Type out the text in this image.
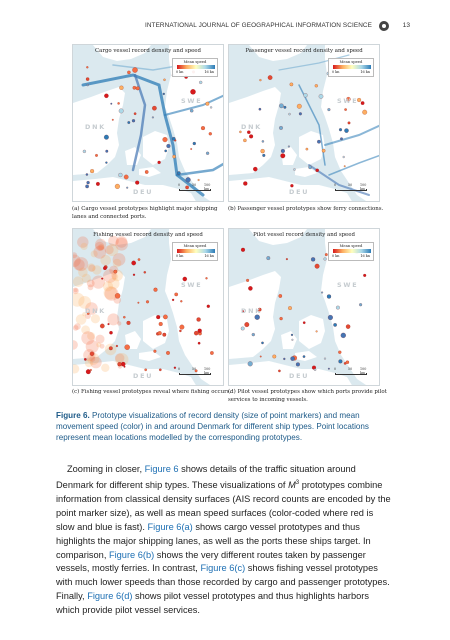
INTERNATIONAL JOURNAL OF GEOGRAPHICAL INFORMATION SCIENCE	13
Cargo vessel record density and speed
Mean speed
0 kn	16 kn
SWE
DNK
DEU
0	50 100 km
(a) Cargo vessel prototypes highlight major shipping lanes and connected ports.
Passenger vessel record density and speed
Mean speed
0 kn	16 kn
SWE
DNK
DEU
0	50 100 km
(b) Passenger vessel prototypes show ferry connections.
Fishing vessel record density and speed
Mean speed
0 kn	16 kn
SWE
DNK
DEU
0	50 100 km
(c) Fishing vessel prototypes reveal where fishing occurs.
Pilot vessel record density and speed
Mean speed
0 kn	16 kn
SWE
DNK
DEU
0	50 100 km
(d) Pilot vessel prototypes show which ports provide pilot services to incoming vessels.
Figure 6. Prototype visualizations of record density (size of point markers) and mean movement speed (color) in and around Denmark for different ship types. Point locations represent mean locations modelled by the corresponding prototypes.

Zooming in closer, Figure 6 shows details of the traffic situation around Denmark for different ship types. These visualizations of $M^3$ prototypes combine information from classical density surfaces (AIS record counts are encoded by the point marker size), as well as mean speed surfaces (color-coded where red is slow and blue is fast). Figure 6(a) shows cargo vessel prototypes and thus highlights the major shipping lanes, as well as the ports these ships target. In comparison, Figure 6(b) shows the very different routes taken by passenger vessels, mostly ferries. In contrast, Figure 6(c) shows fishing vessel prototypes with much lower speeds than those recorded by cargo and passenger prototypes. Finally, Figure 6(d) shows pilot vessel prototypes and thus highlights harbors which provide pilot vessel services.
